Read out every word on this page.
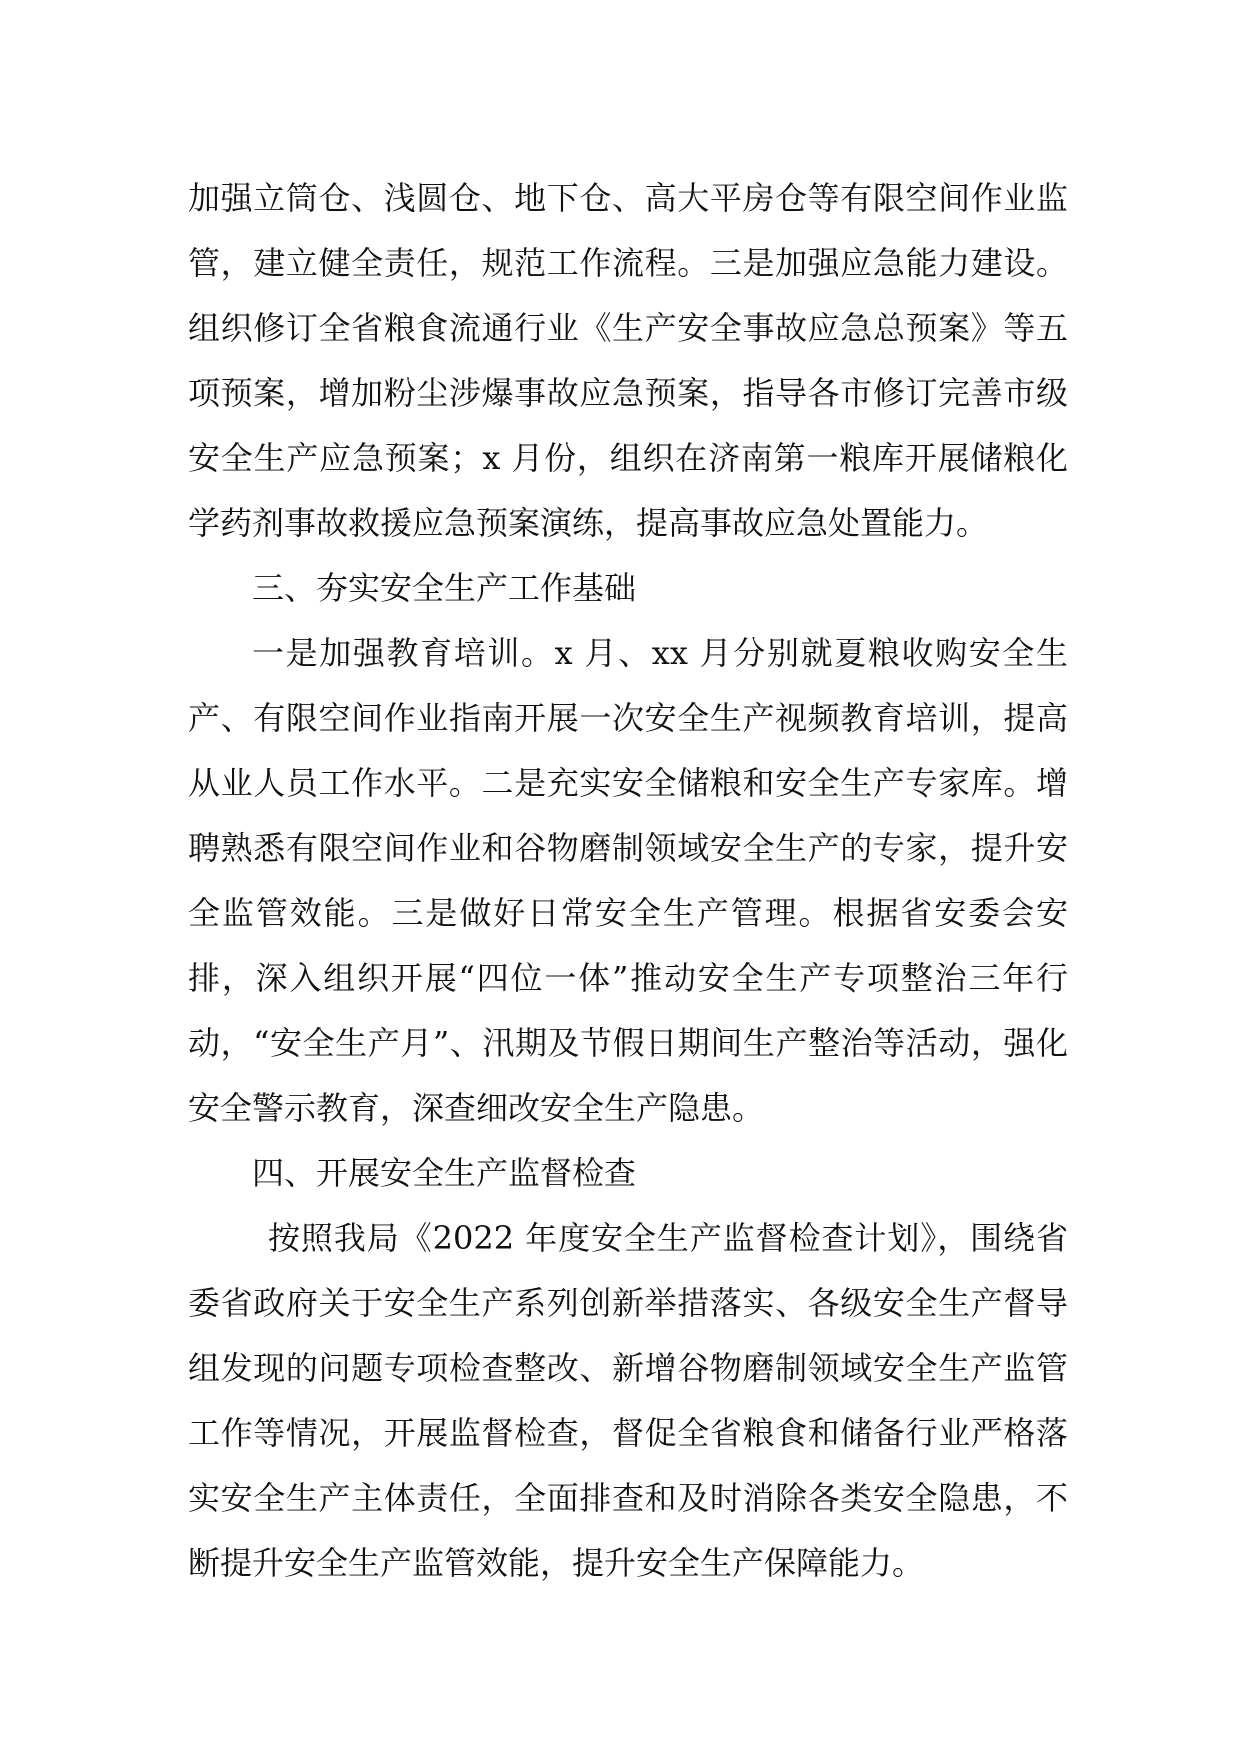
加强立筒仓、浅圆仓、地下仓、高大平房仓等有限空间作业监管，建立健全责任，规范工作流程。三是加强应急能力建设。组织修订全省粮食流通行业《生产安全事故应急总预案》等五项预案，增加粉尘涉爆事故应急预案，指导各市修订完善市级安全生产应急预案；x 月份，组织在济南第一粮库开展储粮化学药剂事故救援应急预案演练，提高事故应急处置能力。

三、夯实安全生产工作基础

一是加强教育培训。x 月、xx 月分别就夏粮收购安全生产、有限空间作业指南开展一次安全生产视频教育培训，提高从业人员工作水平。二是充实安全储粮和安全生产专家库。增聘熟悉有限空间作业和谷物磨制领域安全生产的专家，提升安全监管效能。三是做好日常安全生产管理。根据省安委会安排，深入组织开展“四位一体”推动安全生产专项整治三年行动，“安全生产月”、汛期及节假日期间生产整治等活动，强化安全警示教育，深查细改安全生产隐患。

四、开展安全生产监督检查

按照我局《2022 年度安全生产监督检查计划》，围绕省委省政府关于安全生产系列创新举措落实、各级安全生产督导组发现的问题专项检查整改、新增谷物磨制领域安全生产监管工作等情况，开展监督检查，督促全省粮食和储备行业严格落实安全生产主体责任，全面排查和及时消除各类安全隐患，不断提升安全生产监管效能，提升安全生产保障能力。
